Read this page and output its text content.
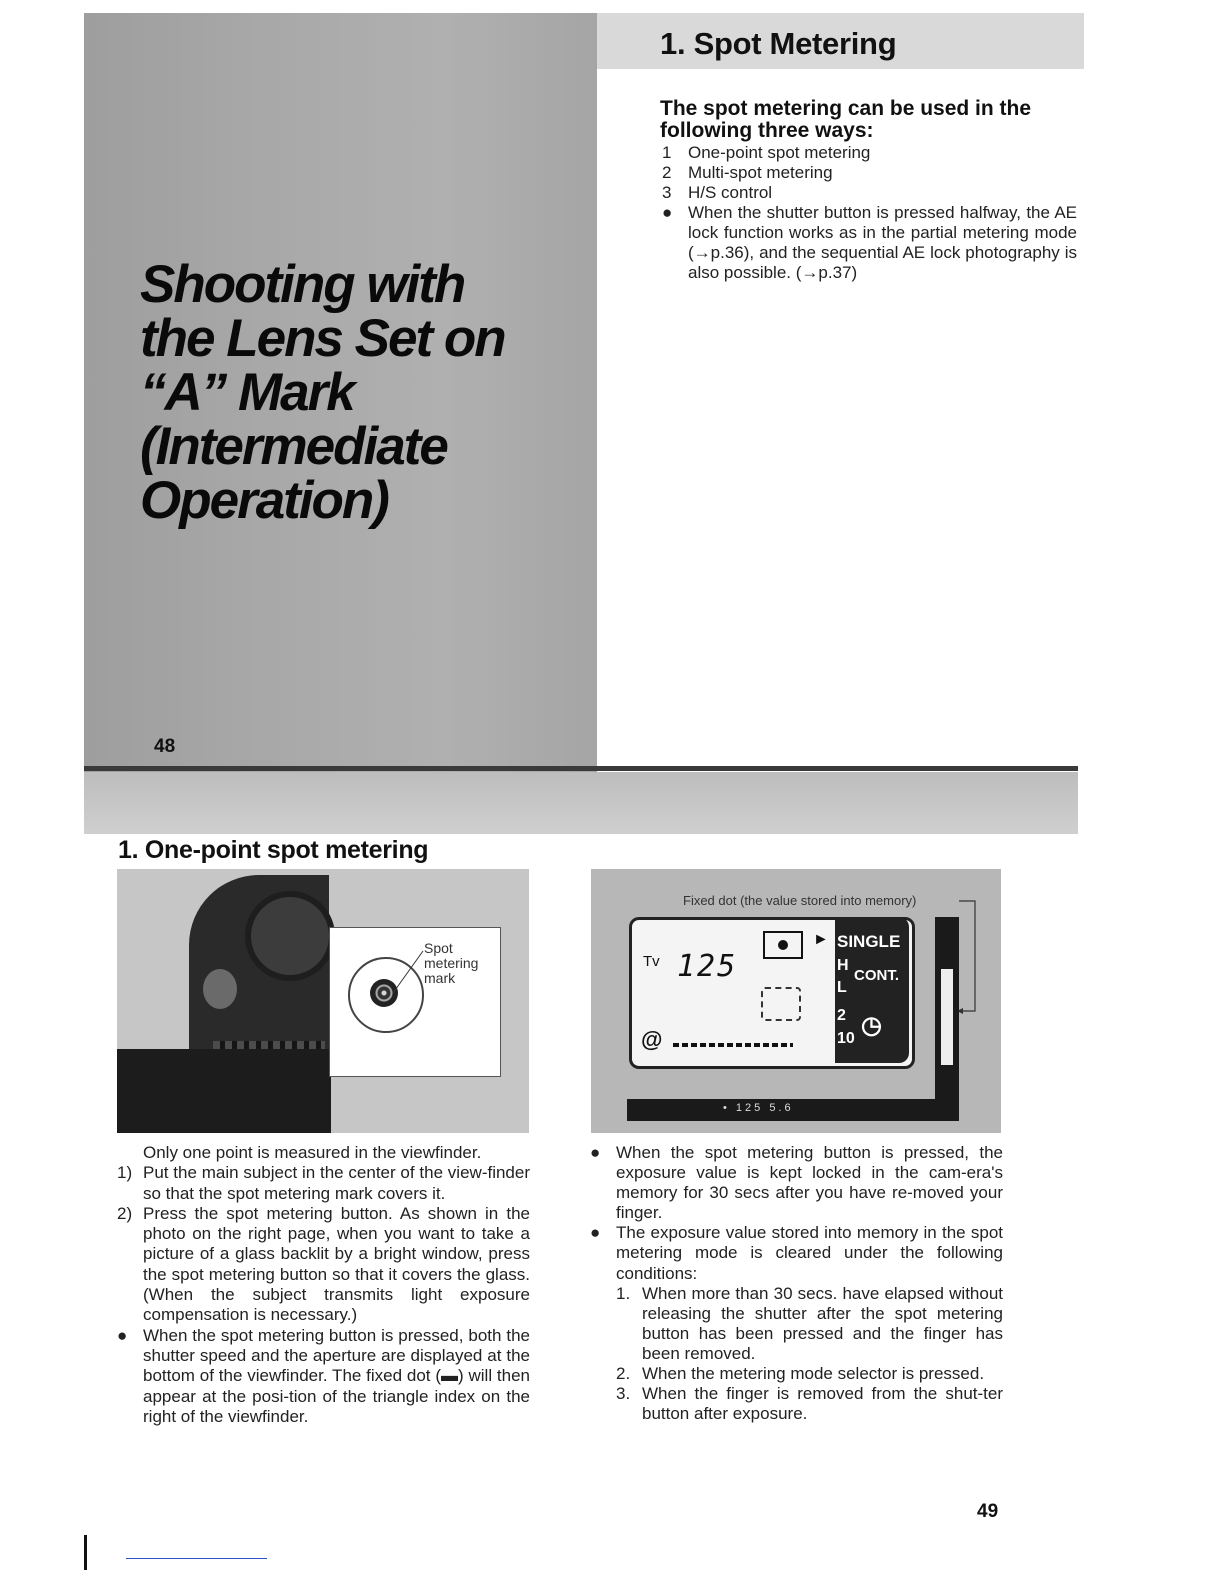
1. Spot Metering
Shooting with
the Lens Set on
“A” Mark
(Intermediate
Operation)
48
The spot metering can be used in the following three ways:
1 One-point spot metering
2 Multi-spot metering
3 H/S control
● When the shutter button is pressed halfway, the AE lock function works as in the partial metering mode (→p.36), and the sequential AE lock photography is also possible. (→p.37)
1. One-point spot metering
Spot
metering
mark
Fixed dot (the value stored into memory)
Tv 125
► SINGLE
H
CONT.
L
2
10 ◷
@
• 125 5.6
Only one point is measured in the viewfinder.
1) Put the main subject in the center of the view-finder so that the spot metering mark covers it.
2) Press the spot metering button. As shown in the photo on the right page, when you want to take a picture of a glass backlit by a bright window, press the spot metering button so that it covers the glass. (When the subject transmits light exposure compensation is necessary.)
● When the spot metering button is pressed, both the shutter speed and the aperture are displayed at the bottom of the viewfinder. The fixed dot (▬) will then appear at the posi-tion of the triangle index on the right of the viewfinder.
● When the spot metering button is pressed, the exposure value is kept locked in the cam-era's memory for 30 secs after you have re-moved your finger.
● The exposure value stored into memory in the spot metering mode is cleared under the following conditions:
1. When more than 30 secs. have elapsed without releasing the shutter after the spot metering button has been pressed and the finger has been removed.
2. When the metering mode selector is pressed.
3. When the finger is removed from the shut-ter button after exposure.
49
